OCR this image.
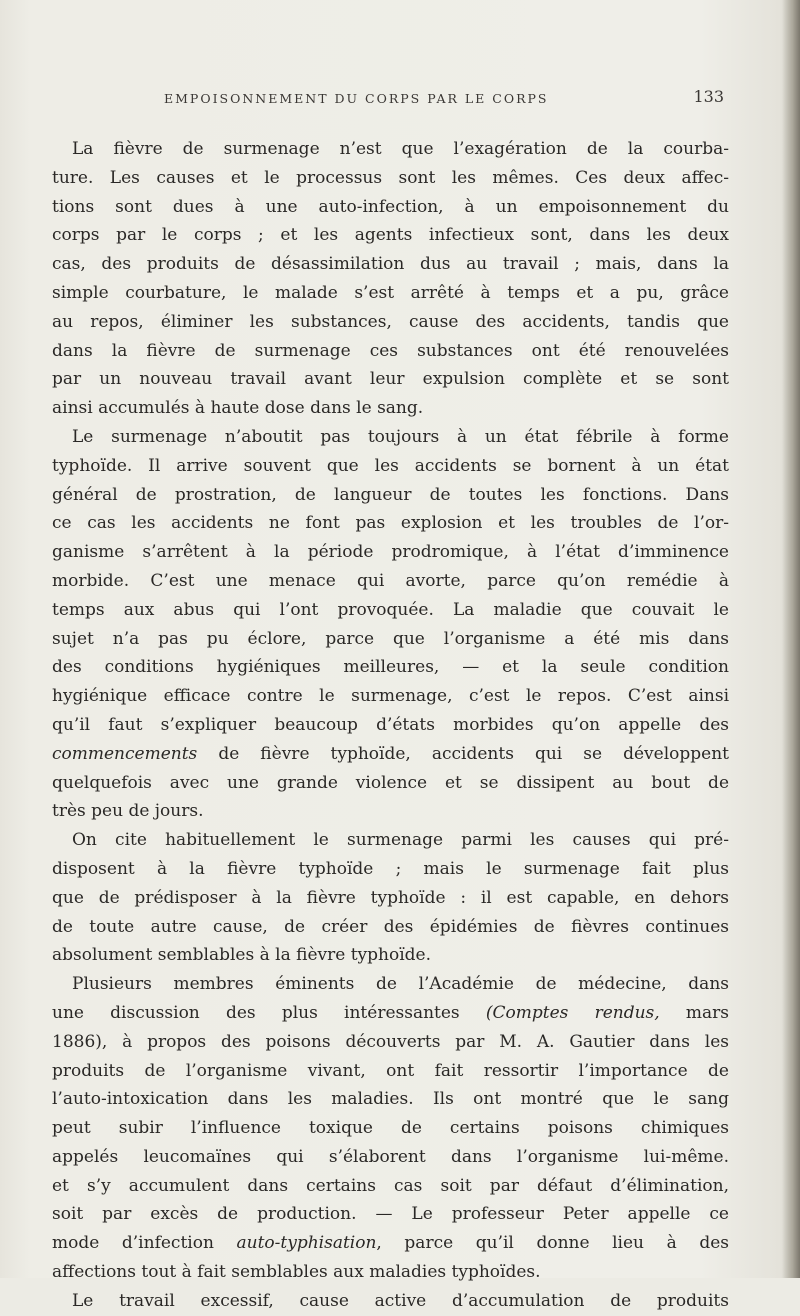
EMPOISONNEMENT DU CORPS PAR LE CORPS	133
La fièvre de surmenage n’est que l’exagération de la courba-
ture. Les causes et le processus sont les mêmes. Ces deux affec-
tions sont dues à une auto-infection, à un empoisonnement du
corps par le corps ; et les agents infectieux sont, dans les deux
cas, des produits de désassimilation dus au travail ; mais, dans la
simple courbature, le malade s’est arrêté à temps et a pu, grâce
au repos, éliminer les substances, cause des accidents, tandis que
dans la fièvre de surmenage ces substances ont été renouvelées
par un nouveau travail avant leur expulsion complète et se sont
ainsi accumulés à haute dose dans le sang.
Le surmenage n’aboutit pas toujours à un état fébrile à forme
typhoïde. Il arrive souvent que les accidents se bornent à un état
général de prostration, de langueur de toutes les fonctions. Dans
ce cas les accidents ne font pas explosion et les troubles de l’or-
ganisme s’arrêtent à la période prodromique, à l’état d’imminence
morbide. C’est une menace qui avorte, parce qu’on remédie à
temps aux abus qui l’ont provoquée. La maladie que couvait le
sujet n’a pas pu éclore, parce que l’organisme a été mis dans
des conditions hygiéniques meilleures, — et la seule condition
hygiénique efficace contre le surmenage, c’est le repos. C’est ainsi
qu’il faut s’expliquer beaucoup d’états morbides qu’on appelle des
commencements de fièvre typhoïde, accidents qui se développent
quelquefois avec une grande violence et se dissipent au bout de
très peu de jours.
On cite habituellement le surmenage parmi les causes qui pré-
disposent à la fièvre typhoïde ; mais le surmenage fait plus
que de prédisposer à la fièvre typhoïde : il est capable, en dehors
de toute autre cause, de créer des épidémies de fièvres continues
absolument semblables à la fièvre typhoïde.
Plusieurs membres éminents de l’Académie de médecine, dans
une discussion des plus intéressantes (Comptes rendus, mars
1886), à propos des poisons découverts par M. A. Gautier dans les
produits de l’organisme vivant, ont fait ressortir l’importance de
l’auto-intoxication dans les maladies. Ils ont montré que le sang
peut subir l’influence toxique de certains poisons chimiques
appelés leucomaïnes qui s’élaborent dans l’organisme lui-même.
et s’y accumulent dans certains cas soit par défaut d’élimination,
soit par excès de production. — Le professeur Peter appelle ce
mode d’infection auto-typhisation, parce qu’il donne lieu à des
affections tout à fait semblables aux maladies typhoïdes.
Le travail excessif, cause active d’accumulation de produits
